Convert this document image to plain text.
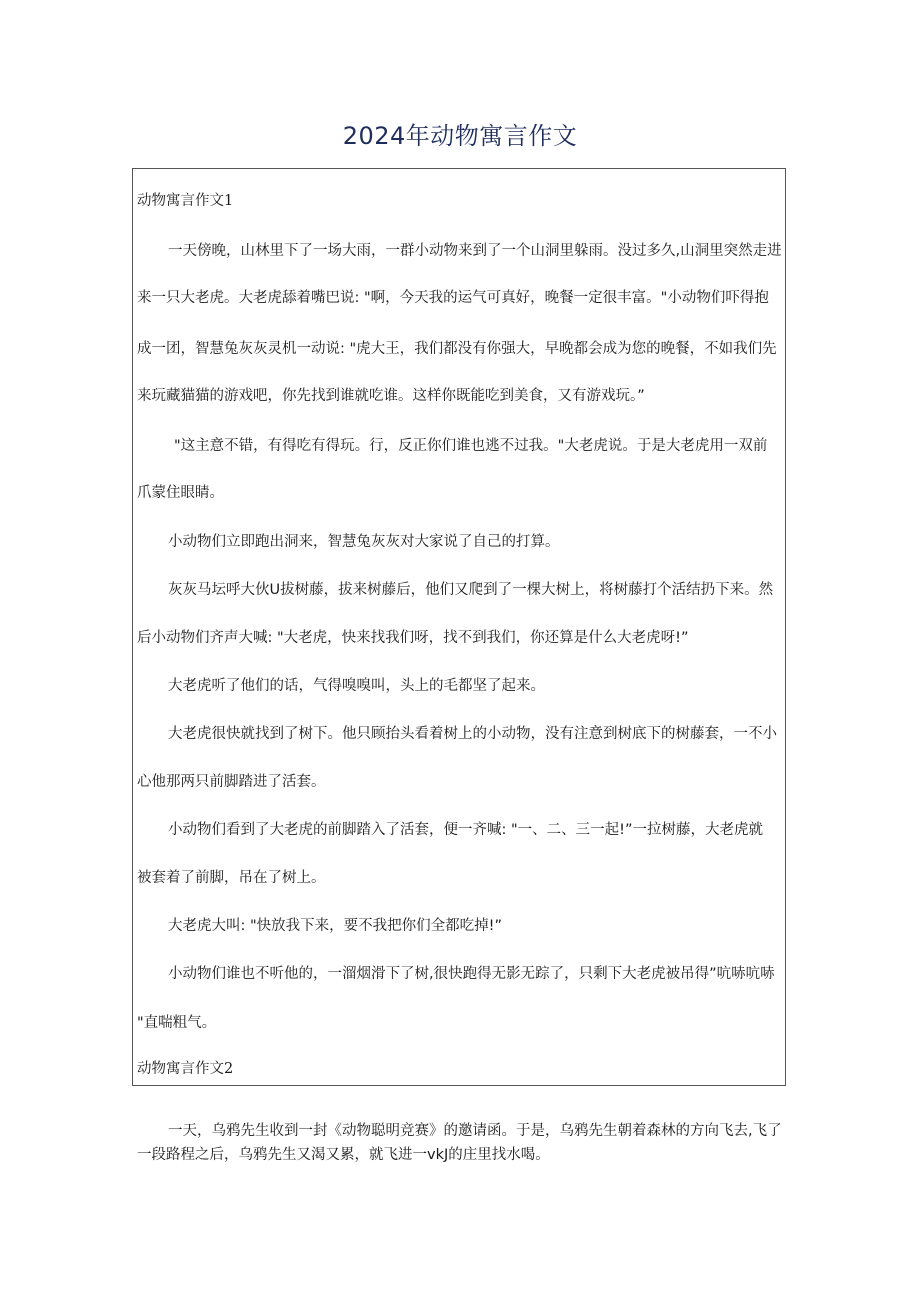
2024年动物寓言作文
动物寓言作文1
一天傍晚，山林里下了一场大雨，一群小动物来到了一个山洞里躲雨。没过多久,山洞里突然走进
来一只大老虎。大老虎舔着嘴巴说: "啊，今天我的运气可真好，晚餐一定很丰富。"小动物们吓得抱
成一团，智慧兔灰灰灵机一动说: "虎大王，我们都没有你强大，早晚都会成为您的晚餐，不如我们先
来玩藏猫猫的游戏吧，你先找到谁就吃谁。这样你既能吃到美食，又有游戏玩。”
"这主意不错，有得吃有得玩。行，反正你们谁也逃不过我。"大老虎说。于是大老虎用一双前
爪蒙住眼睛。
小动物们立即跑出洞来，智慧兔灰灰对大家说了自己的打算。
灰灰马坛呼大伙U拔树藤，拔来树藤后，他们又爬到了一棵大树上，将树藤打个活结扔下来。然
后小动物们齐声大喊: "大老虎，快来找我们呀，找不到我们，你还算是什么大老虎呀!”
大老虎听了他们的话，气得嗅嗅叫，头上的毛都坚了起来。
大老虎很快就找到了树下。他只顾抬头看着树上的小动物，没有注意到树底下的树藤套，一不小
心他那两只前脚踏进了活套。
小动物们看到了大老虎的前脚踏入了活套，便一齐喊: "一、二、三一起!”一拉树藤，大老虎就
被套着了前脚，吊在了树上。
大老虎大叫: "快放我下来，要不我把你们全都吃掉!”
小动物们谁也不听他的，一溜烟滑下了树,很快跑得无影无踪了，只剩下大老虎被吊得”吭哧吭哧
"直喘粗气。
动物寓言作文2
一天，乌鸦先生收到一封《动物聪明竞赛》的邀请函。于是，乌鸦先生朝着森林的方向飞去,飞了
一段路程之后，乌鸦先生又渴又累，就飞进一ⅴkJ的庄里找水喝。
